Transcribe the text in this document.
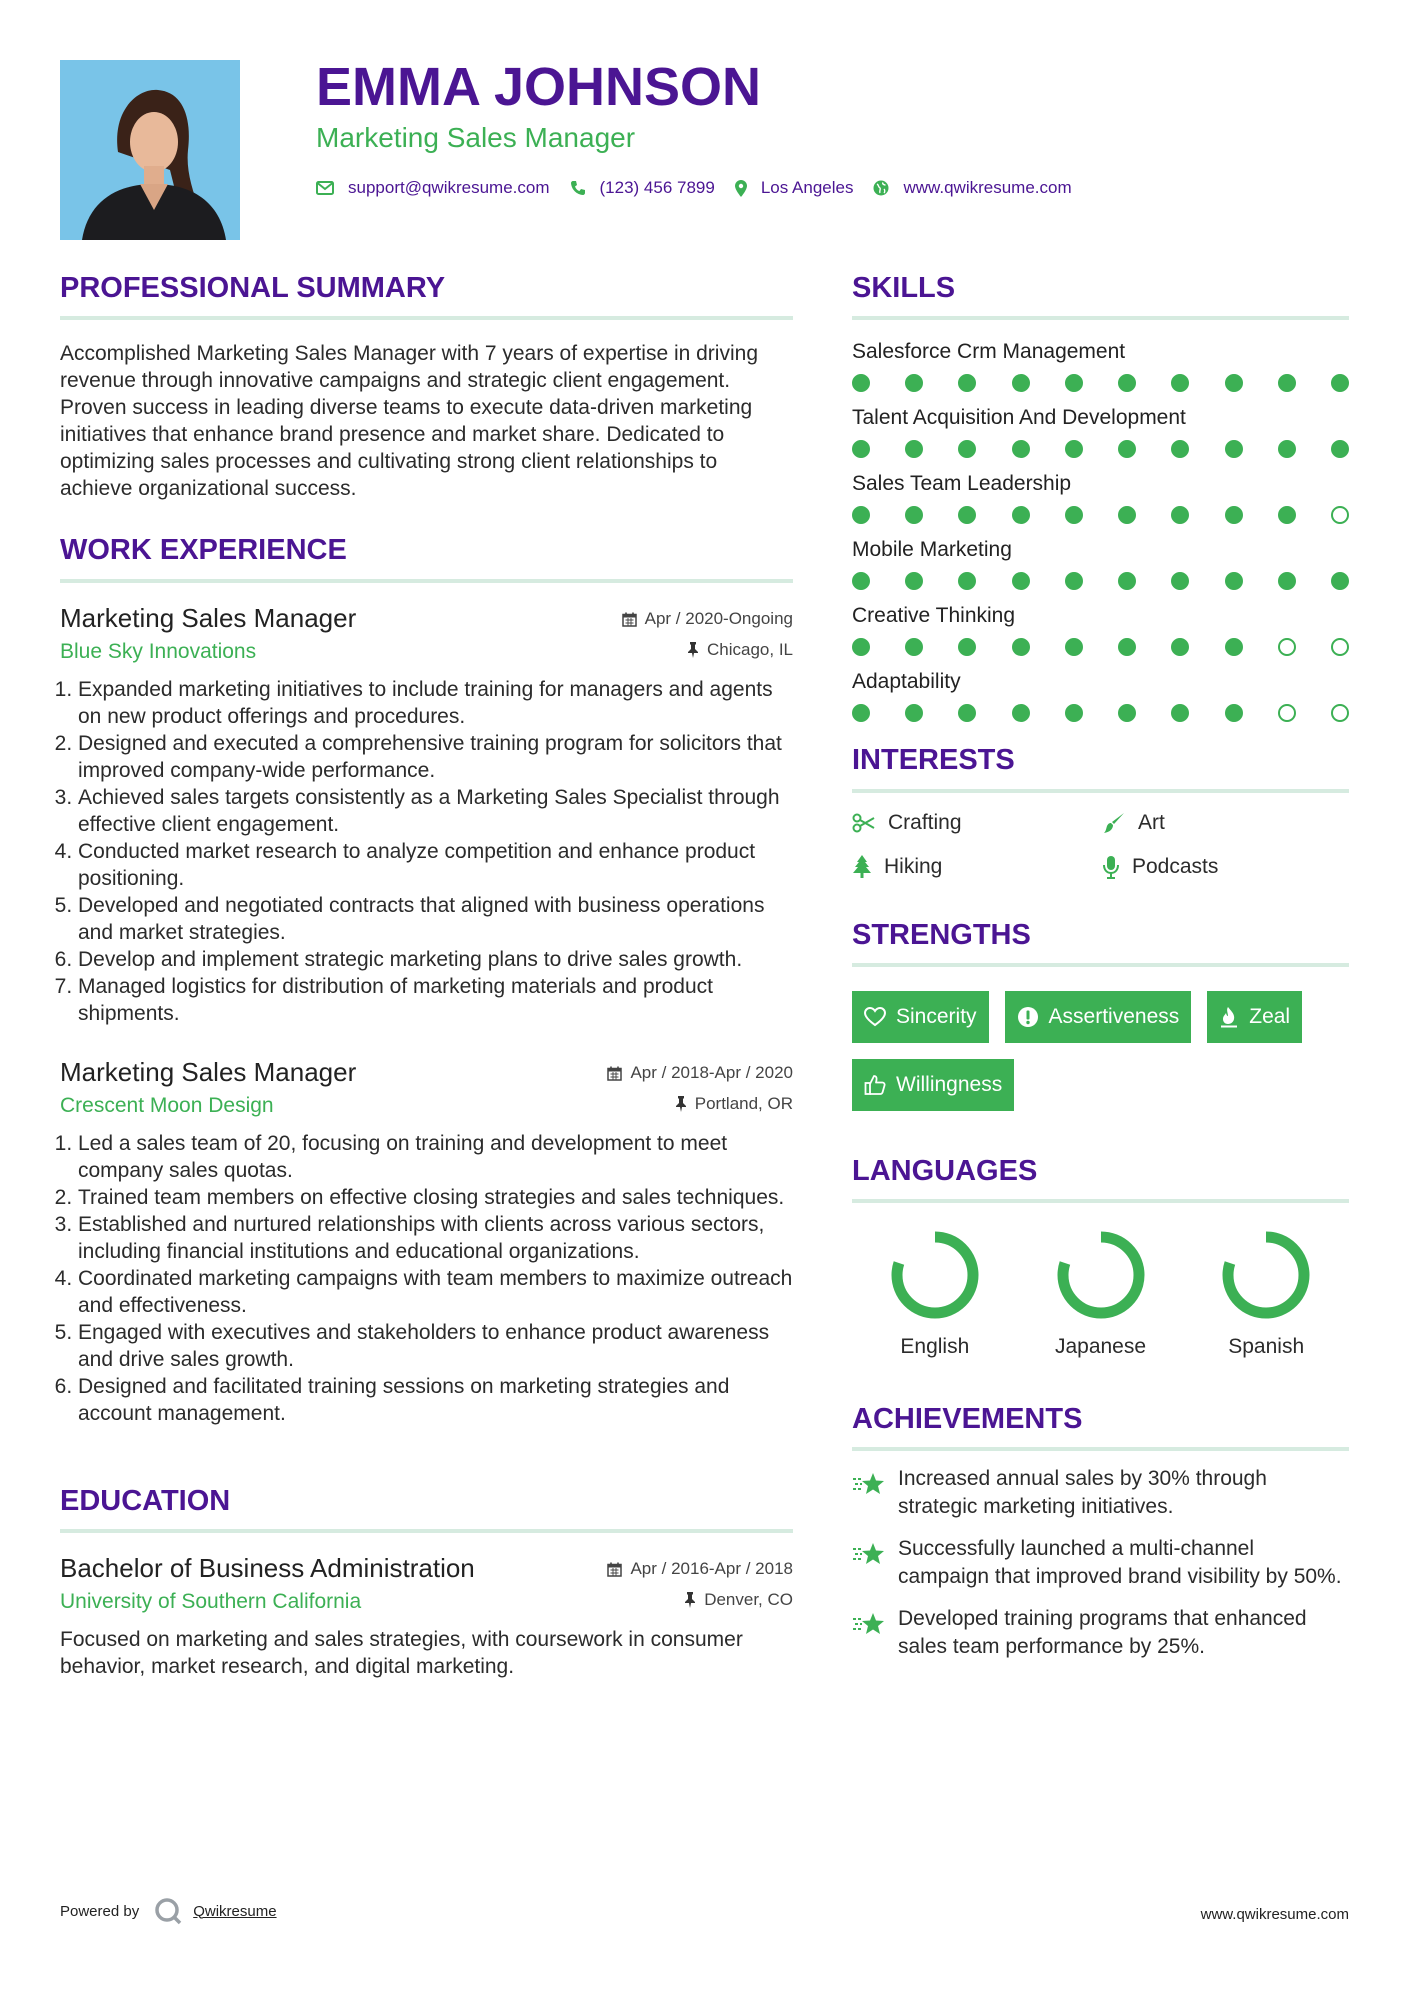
EMMA JOHNSON
Marketing Sales Manager
support@qwikresume.com	(123) 456 7899	Los Angeles	www.qwikresume.com
PROFESSIONAL SUMMARY

Accomplished Marketing Sales Manager with 7 years of expertise in driving revenue through innovative campaigns and strategic client engagement. Proven success in leading diverse teams to execute data-driven marketing initiatives that enhance brand presence and market share. Dedicated to optimizing sales processes and cultivating strong client relationships to achieve organizational success.

WORK EXPERIENCE
Marketing Sales Manager	Apr / 2020-Ongoing
Blue Sky Innovations	Chicago, IL
1. Expanded marketing initiatives to include training for managers and agents on new product offerings and procedures.
2. Designed and executed a comprehensive training program for solicitors that improved company-wide performance.
3. Achieved sales targets consistently as a Marketing Sales Specialist through effective client engagement.
4. Conducted market research to analyze competition and enhance product positioning.
5. Developed and negotiated contracts that aligned with business operations and market strategies.
6. Develop and implement strategic marketing plans to drive sales growth.
7. Managed logistics for distribution of marketing materials and product shipments.
Marketing Sales Manager	Apr / 2018-Apr / 2020
Crescent Moon Design	Portland, OR
1. Led a sales team of 20, focusing on training and development to meet company sales quotas.
2. Trained team members on effective closing strategies and sales techniques.
3. Established and nurtured relationships with clients across various sectors, including financial institutions and educational organizations.
4. Coordinated marketing campaigns with team members to maximize outreach and effectiveness.
5. Engaged with executives and stakeholders to enhance product awareness and drive sales growth.
6. Designed and facilitated training sessions on marketing strategies and account management.
EDUCATION
Bachelor of Business Administration	Apr / 2016-Apr / 2018
University of Southern California	Denver, CO

Focused on marketing and sales strategies, with coursework in consumer behavior, market research, and digital marketing.

SKILLS
Salesforce Crm Management
Talent Acquisition And Development
Sales Team Leadership
Mobile Marketing
Creative Thinking
Adaptability
INTERESTS
Crafting	Art
Hiking	Podcasts
STRENGTHS
Sincerity	Assertiveness	Zeal
Willingness
LANGUAGES
English	Japanese	Spanish
ACHIEVEMENTS
Increased annual sales by 30% through strategic marketing initiatives.
Successfully launched a multi-channel campaign that improved brand visibility by 50%.
Developed training programs that enhanced sales team performance by 25%.
Powered by	Qwikresume	www.qwikresume.com
